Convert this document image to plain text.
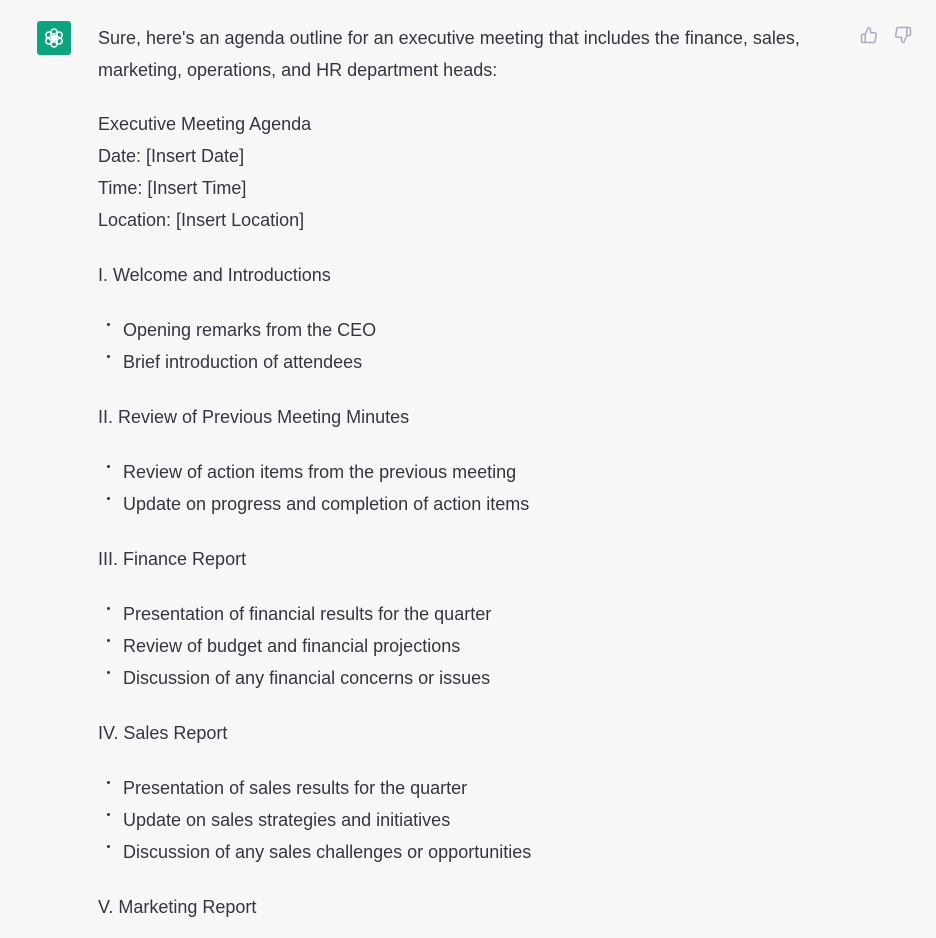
Sure, here's an agenda outline for an executive meeting that includes the finance, sales, marketing, operations, and HR department heads:

Executive Meeting Agenda
Date: [Insert Date]
Time: [Insert Time]
Location: [Insert Location]
I. Welcome and Introductions
Opening remarks from the CEO
Brief introduction of attendees
II. Review of Previous Meeting Minutes
Review of action items from the previous meeting
Update on progress and completion of action items
III. Finance Report
Presentation of financial results for the quarter
Review of budget and financial projections
Discussion of any financial concerns or issues
IV. Sales Report
Presentation of sales results for the quarter
Update on sales strategies and initiatives
Discussion of any sales challenges or opportunities
V. Marketing Report
